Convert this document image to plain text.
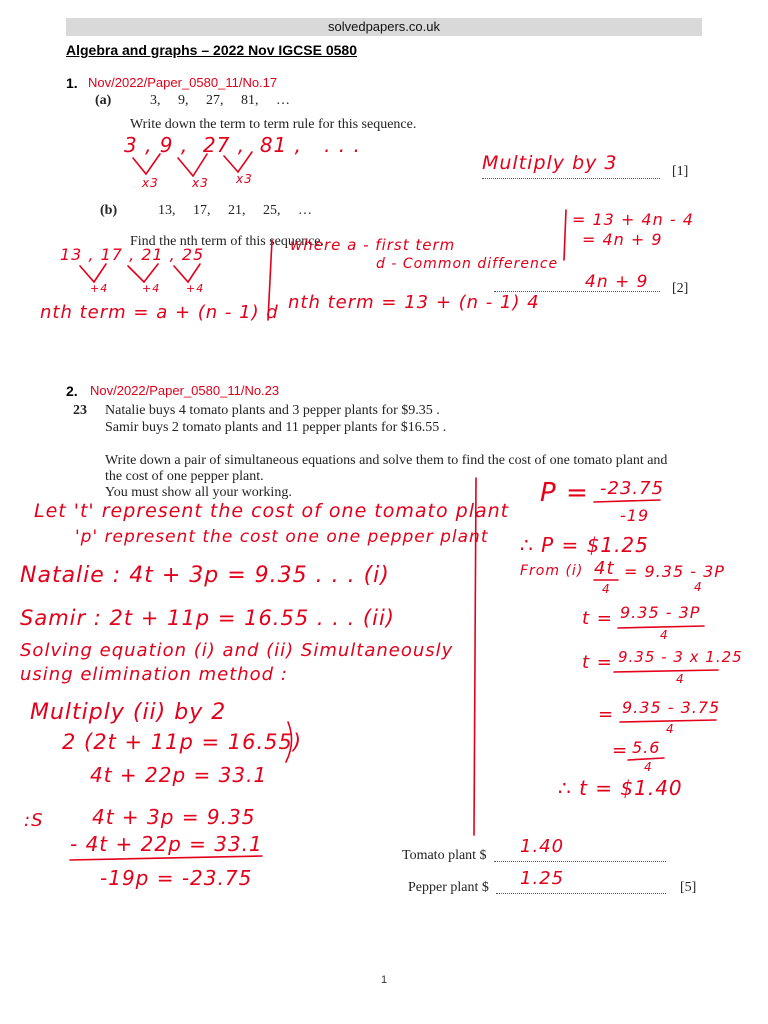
solvedpapers.co.uk
Algebra and graphs – 2022 Nov IGCSE 0580
1. Nov/2022/Paper_0580_11/No.17
(a)	3,     9,     27,     81,     …
Write down the term to term rule for this sequence.
3 , 9 ,  27 ,  81 ,   . . .
x3	x3 x3
Multiply by 3	[1]
(b)	13,     17,     21,     25,     …
Find the nth term of this sequence.
13 , 17 , 21 , 25
+4	+4 +4
nth term = a + (n - 1) d
where a - first term
d - Common difference
nth term = 13 + (n - 1) 4
= 13 + 4n - 4
= 4n + 9
4n + 9 [2]
2. Nov/2022/Paper_0580_11/No.23
23 Natalie buys 4 tomato plants and 3 pepper plants for $9.35 .
Samir buys 2 tomato plants and 11 pepper plants for $16.55 .
Write down a pair of simultaneous equations and solve them to find the cost of one tomato plant and
the cost of one pepper plant.
You must show all your working.
Let 't' represent the cost of one tomato plant
'p' represent the cost one one pepper plant
Natalie : 4t + 3p = 9.35 . . . (i)
Samir : 2t + 11p = 16.55 . . . (ii)
Solving equation (i) and (ii) Simultaneously
using elimination method :
Multiply (ii) by 2
2 (2t + 11p = 16.55)
4t + 22p = 33.1
4t + 3p = 9.35
- 4t + 22p = 33.1
-19p = -23.75
:S
P = -23.75
-19
∴ P = $1.25
From (i) 4t
4
= 9.35 - 3P
4
t = 9.35 - 3P
4
t = 9.35 - 3 x 1.25
4
= 9.35 - 3.75
4
= 5.6
4
∴ t = $1.40
Tomato plant $ 1.40
Pepper plant $ 1.25	[5]
1
